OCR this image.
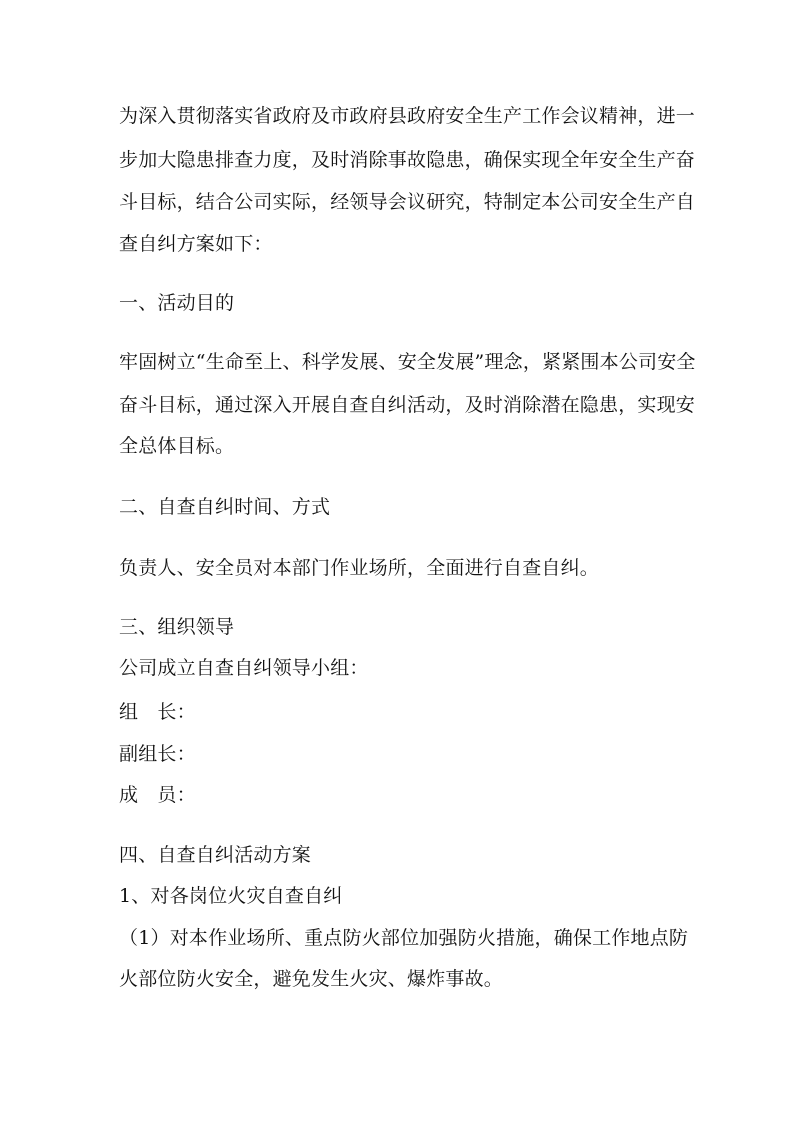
为深入贯彻落实省政府及市政府县政府安全生产工作会议精神，进一
步加大隐患排查力度，及时消除事故隐患，确保实现全年安全生产奋
斗目标，结合公司实际，经领导会议研究，特制定本公司安全生产自
查自纠方案如下：
一、活动目的
牢固树立“生命至上、科学发展、安全发展”理念，紧紧围本公司安全
奋斗目标，通过深入开展自查自纠活动，及时消除潜在隐患，实现安
全总体目标。
二、自查自纠时间、方式
负责人、安全员对本部门作业场所，全面进行自查自纠。
三、组织领导
公司成立自查自纠领导小组：
组　长：
副组长：
成　员：
四、自查自纠活动方案
1、对各岗位火灾自查自纠
（1）对本作业场所、重点防火部位加强防火措施，确保工作地点防
火部位防火安全，避免发生火灾、爆炸事故。
